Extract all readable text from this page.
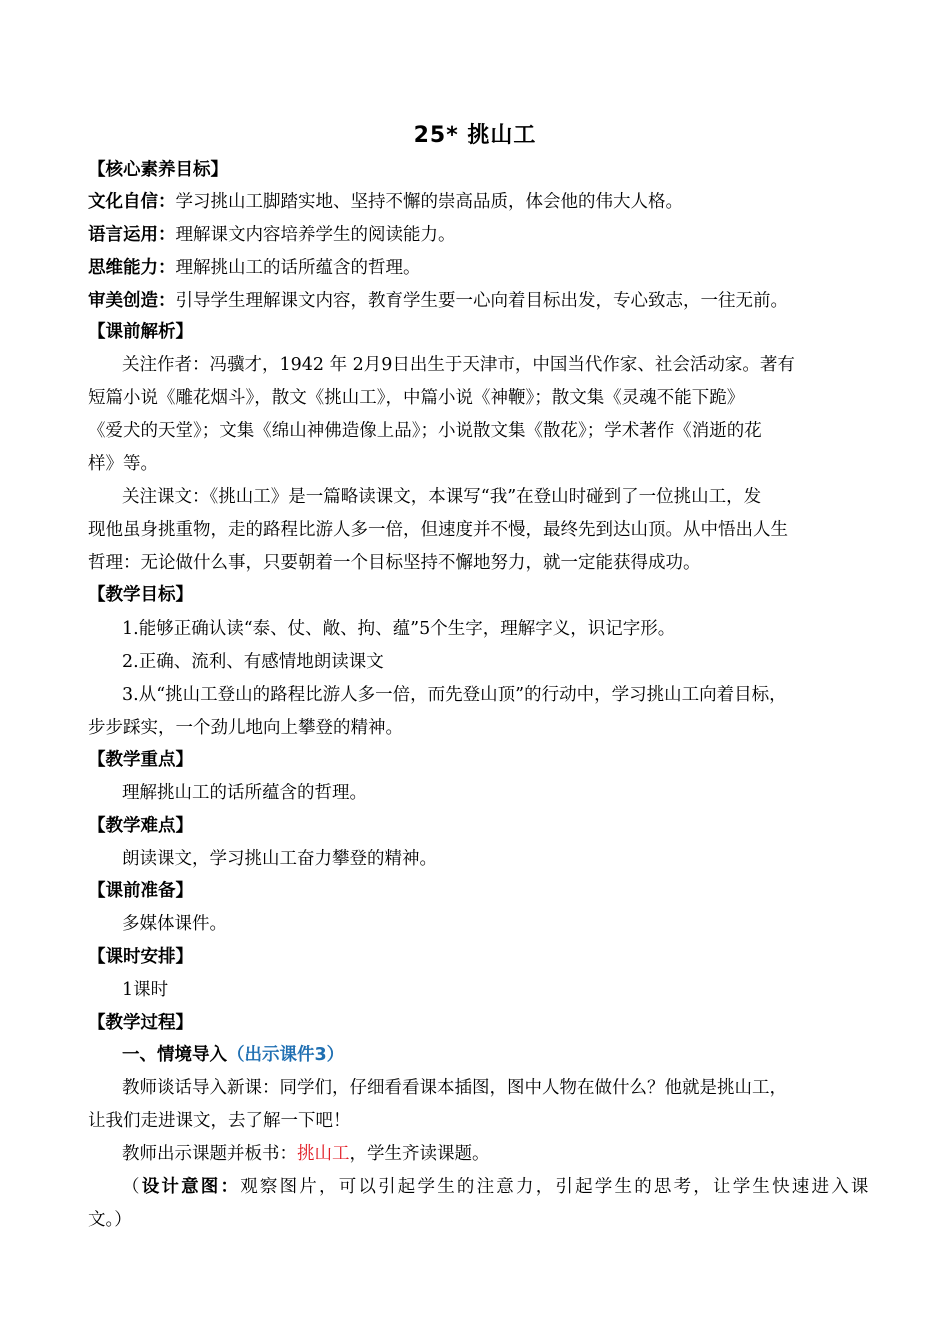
25* 挑山工
【核心素养目标】
文化自信：学习挑山工脚踏实地、坚持不懈的崇高品质，体会他的伟大人格。
语言运用：理解课文内容培养学生的阅读能力。
思维能力：理解挑山工的话所蕴含的哲理。
审美创造：引导学生理解课文内容，教育学生要一心向着目标出发，专心致志，一往无前。
【课前解析】
关注作者：冯骥才，1942 年 2月9日出生于天津市，中国当代作家、社会活动家。著有
短篇小说《雕花烟斗》，散文《挑山工》，中篇小说《神鞭》；散文集《灵魂不能下跪》
《爱犬的天堂》；文集《绵山神佛造像上品》；小说散文集《散花》；学术著作《消逝的花
样》等。
关注课文：《挑山工》是一篇略读课文，本课写“我”在登山时碰到了一位挑山工，发
现他虽身挑重物，走的路程比游人多一倍，但速度并不慢，最终先到达山顶。从中悟出人生
哲理：无论做什么事，只要朝着一个目标坚持不懈地努力，就一定能获得成功。
【教学目标】
1.能够正确认读“泰、仗、敞、拘、蕴”5个生字，理解字义，识记字形。
2.正确、流利、有感情地朗读课文
3.从“挑山工登山的路程比游人多一倍，而先登山顶”的行动中，学习挑山工向着目标，
步步踩实，一个劲儿地向上攀登的精神。
【教学重点】
理解挑山工的话所蕴含的哲理。
【教学难点】
朗读课文，学习挑山工奋力攀登的精神。
【课前准备】
多媒体课件。
【课时安排】
1课时
【教学过程】
一、情境导入（出示课件3）
教师谈话导入新课：同学们，仔细看看课本插图，图中人物在做什么？他就是挑山工，
让我们走进课文，去了解一下吧！
教师出示课题并板书：挑山工，学生齐读课题。
（设计意图：观察图片，可以引起学生的注意力，引起学生的思考，让学生快速进入课
文。）
